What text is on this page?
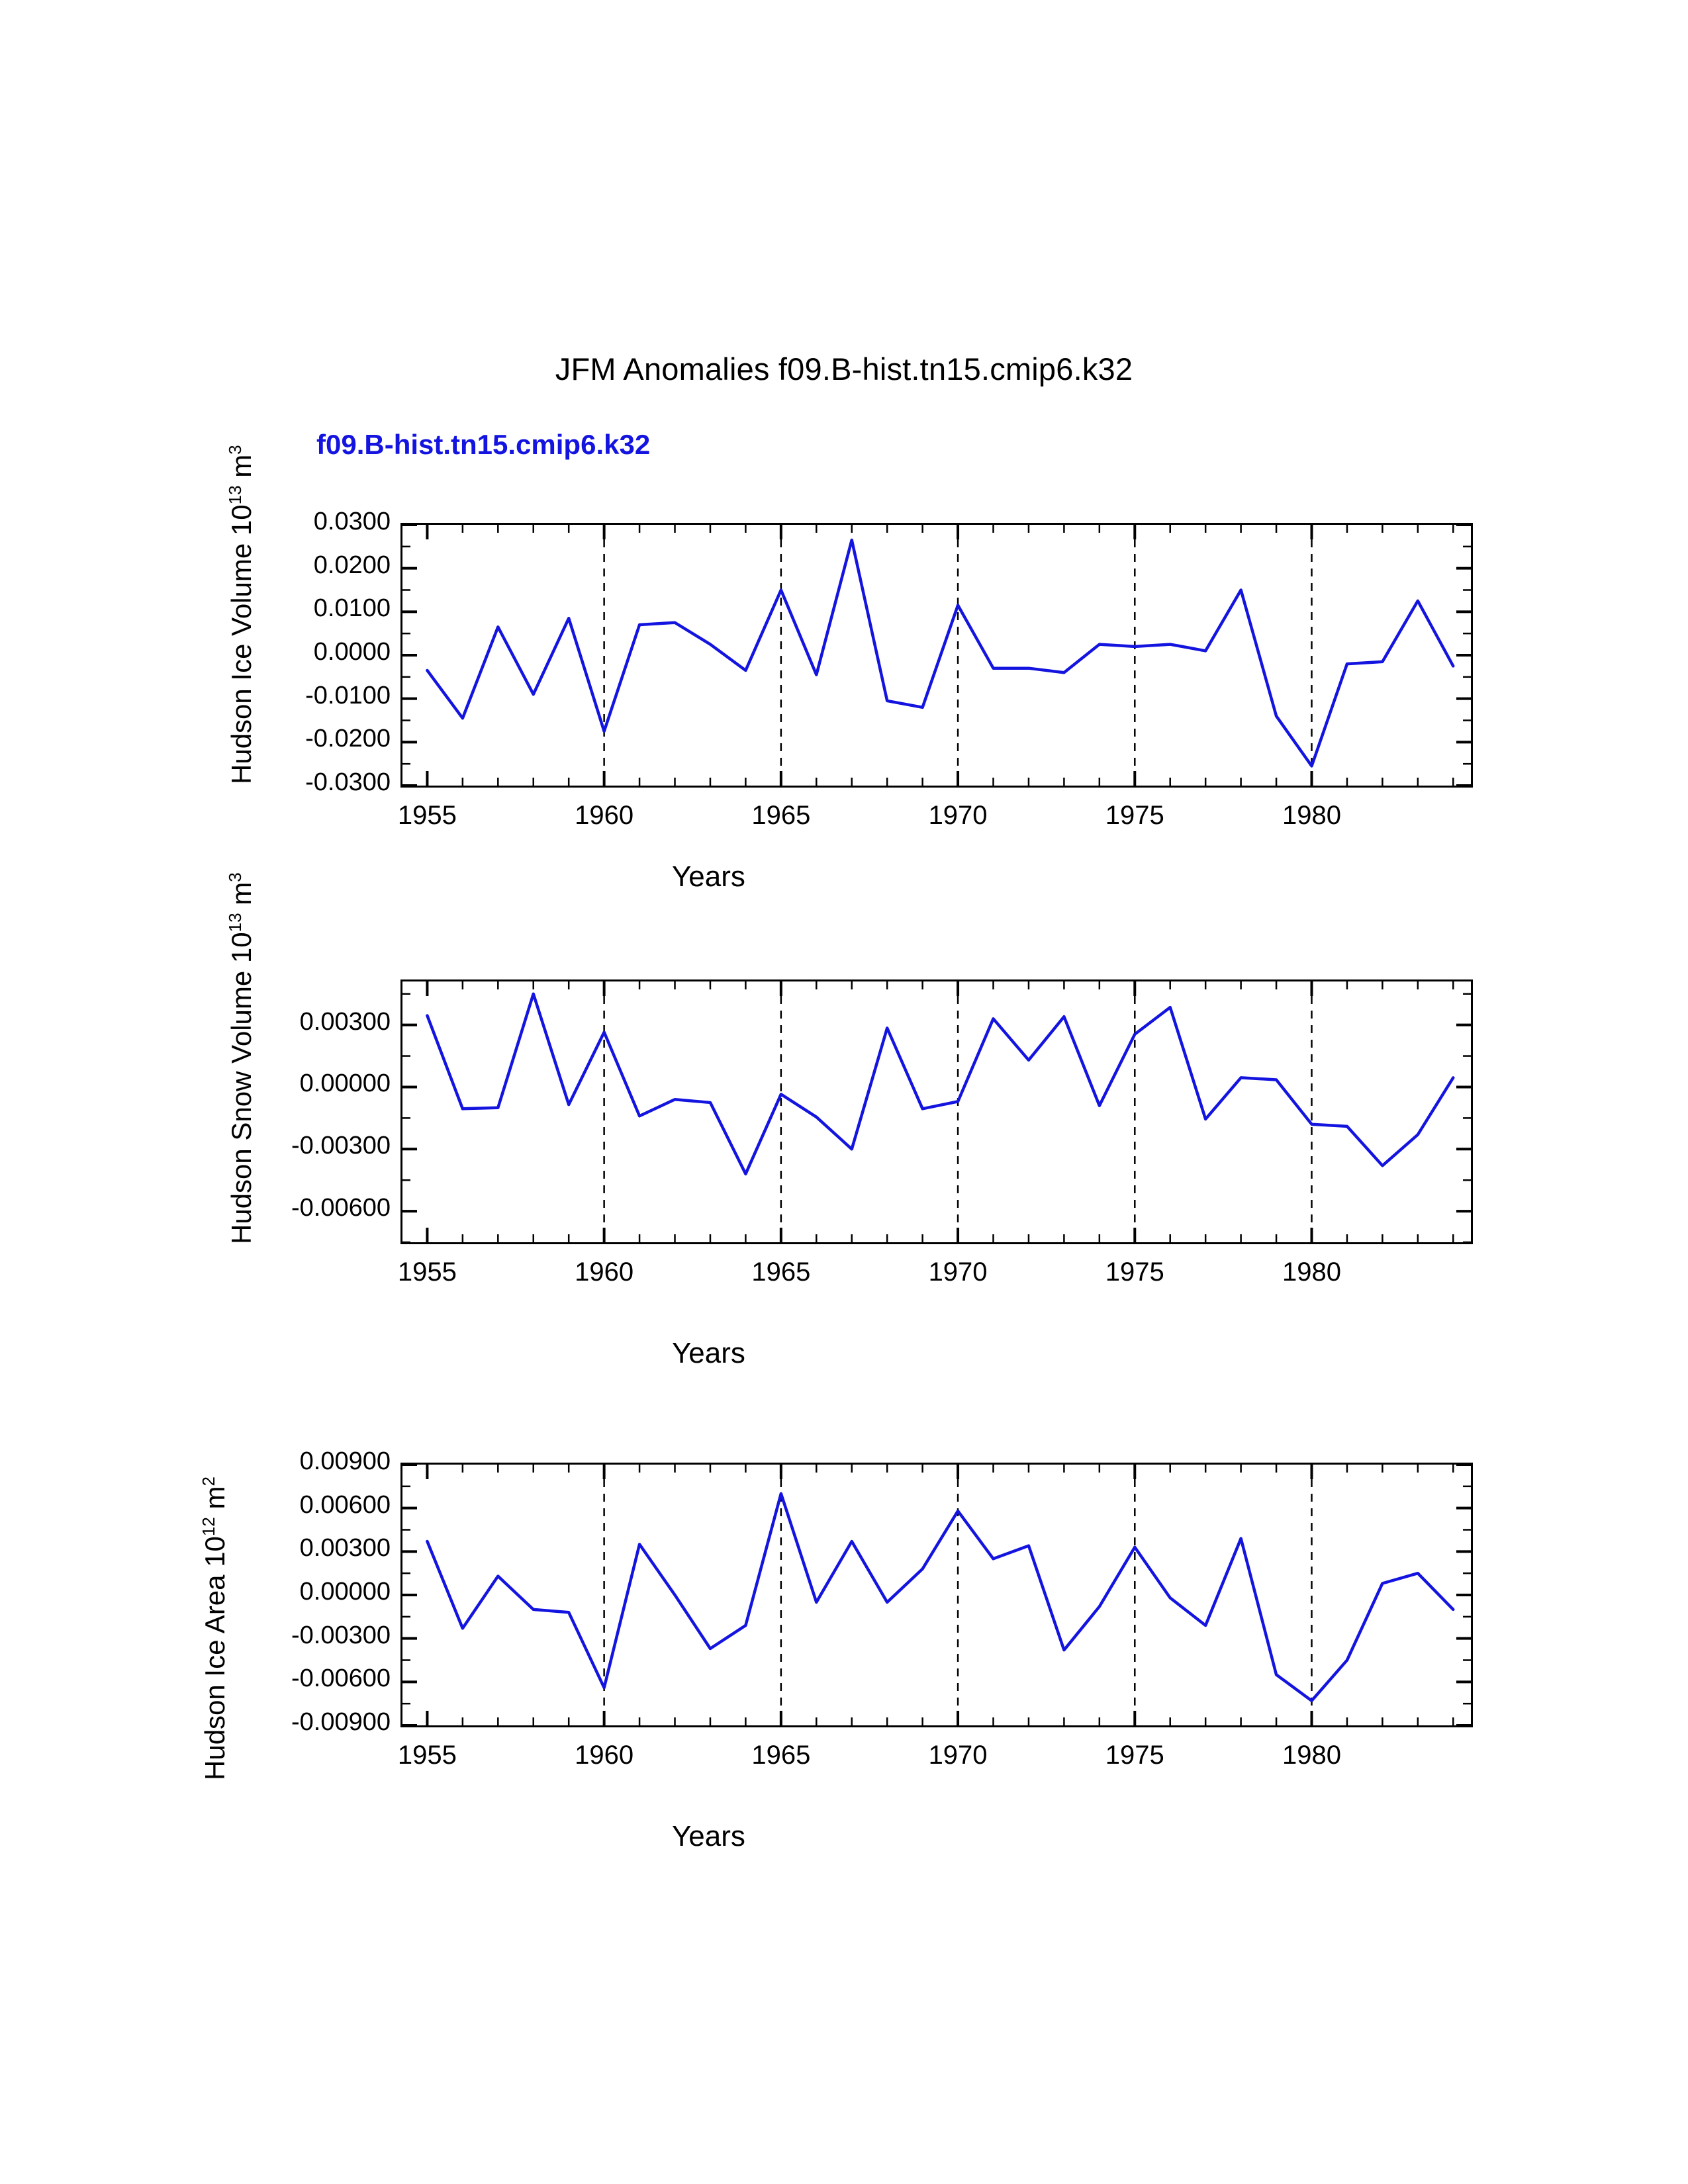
JFM Anomalies f09.B-hist.tn15.cmip6.k32
f09.B-hist.tn15.cmip6.k32
Hudson Ice Volume $10^{13}$ $m^3$
Years
Hudson Snow Volume $10^{13}$ $m^3$
Years
Hudson Ice Area $10^{12}$ $m^2$
Years
0.0300
0.0200
0.0100
0.0000
-0.0100
-0.0200
-0.0300
1955	1960	1965	1970	1975	1980
0.00300
0.00000
-0.00300
-0.00600
1955	1960	1965	1970	1975	1980
0.00900
0.00600
0.00300
0.00000
-0.00300
-0.00600
-0.00900
1955	1960	1965	1970	1975	1980
